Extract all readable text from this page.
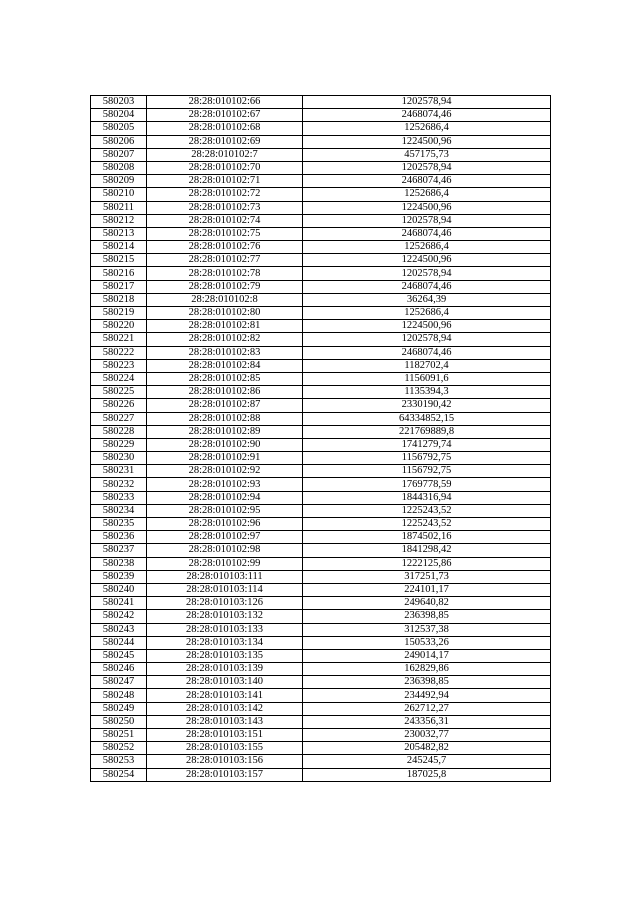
580203	28:28:010102:66	1202578,94
580204	28:28:010102:67	2468074,46
580205	28:28:010102:68	1252686,4
580206	28:28:010102:69	1224500,96
580207	28:28:010102:7	457175,73
580208	28:28:010102:70	1202578,94
580209	28:28:010102:71	2468074,46
580210	28:28:010102:72	1252686,4
580211	28:28:010102:73	1224500,96
580212	28:28:010102:74	1202578,94
580213	28:28:010102:75	2468074,46
580214	28:28:010102:76	1252686,4
580215	28:28:010102:77	1224500,96
580216	28:28:010102:78	1202578,94
580217	28:28:010102:79	2468074,46
580218	28:28:010102:8	36264,39
580219	28:28:010102:80	1252686,4
580220	28:28:010102:81	1224500,96
580221	28:28:010102:82	1202578,94
580222	28:28:010102:83	2468074,46
580223	28:28:010102:84	1182702,4
580224	28:28:010102:85	1156091,6
580225	28:28:010102:86	1135394,3
580226	28:28:010102:87	2330190,42
580227	28:28:010102:88	64334852,15
580228	28:28:010102:89	221769889,8
580229	28:28:010102:90	1741279,74
580230	28:28:010102:91	1156792,75
580231	28:28:010102:92	1156792,75
580232	28:28:010102:93	1769778,59
580233	28:28:010102:94	1844316,94
580234	28:28:010102:95	1225243,52
580235	28:28:010102:96	1225243,52
580236	28:28:010102:97	1874502,16
580237	28:28:010102:98	1841298,42
580238	28:28:010102:99	1222125,86
580239	28:28:010103:111	317251,73
580240	28:28:010103:114	224101,17
580241	28:28:010103:126	249640,82
580242	28:28:010103:132	236398,85
580243	28:28:010103:133	312537,38
580244	28:28:010103:134	150533,26
580245	28:28:010103:135	249014,17
580246	28:28:010103:139	162829,86
580247	28:28:010103:140	236398,85
580248	28:28:010103:141	234492,94
580249	28:28:010103:142	262712,27
580250	28:28:010103:143	243356,31
580251	28:28:010103:151	230032,77
580252	28:28:010103:155	205482,82
580253	28:28:010103:156	245245,7
580254	28:28:010103:157	187025,8
